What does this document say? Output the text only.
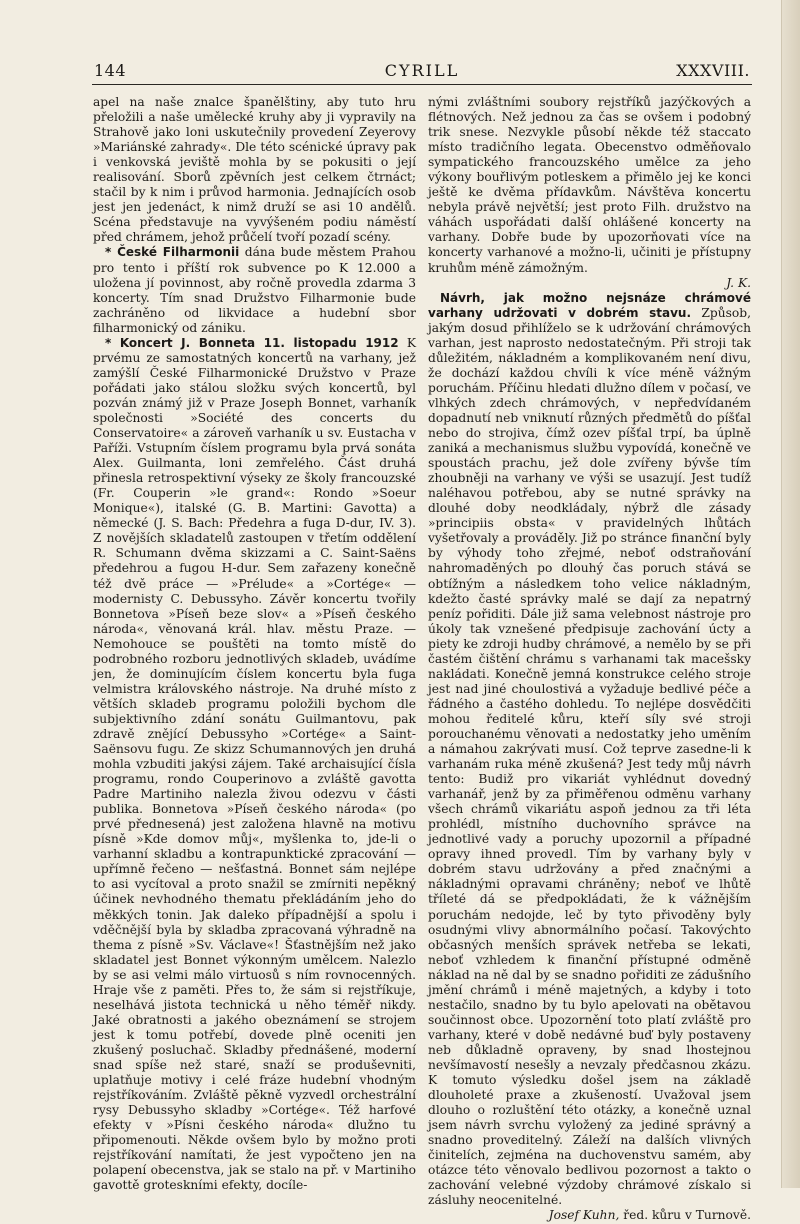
144	CYRILL	XXXVIII.

apel na naše znalce španělštiny, aby tuto hru přeložili a naše umělecké kruhy aby ji vypravily na Strahově jako loni uskutečnily provedení Zeyerovy »Mariánské zahrady«. Dle této scénické úpravy pak i venkovská jeviště mohla by se pokusiti o její realisování. Sborů zpěvních jest celkem čtrnáct; stačil by k nim i průvod harmonia. Jednajících osob jest jen jedenáct, k nimž druží se asi 10 andělů. Scéna představuje na vyvýšeném podiu náměstí před chrámem, jehož průčelí tvoří pozadí scény.

* České Filharmonii dána bude městem Prahou pro tento i příští rok subvence po K 12.000 a uložena jí povinnost, aby ročně provedla zdarma 3 koncerty. Tím snad Družstvo Filharmonie bude zachráněno od likvidace a hudební sbor filharmonický od zániku.

* Koncert J. Bonneta 11. listopadu 1912 K prvému ze samostatných koncertů na varhany, jež zamýšlí České Filharmonické Družstvo v Praze pořádati jako stálou složku svých koncertů, byl pozván známý již v Praze Joseph Bonnet, varhaník společnosti »Société des concerts du Conservatoire« a zároveň varhaník u sv. Eustacha v Paříži. Vstupním číslem programu byla prvá sonáta Alex. Guilmanta, loni zemřelého. Část druhá přinesla retrospektivní výseky ze školy francouzské (Fr. Couperin »le grand«: Rondo »Soeur Monique«), italské (G. B. Martini: Gavotta) a německé (J. S. Bach: Předehra a fuga D-dur, IV. 3). Z novějších skladatelů zastoupen v třetím oddělení R. Schumann dvěma skizzami a C. Saint-Saëns předehrou a fugou H-dur. Sem zařazeny konečně též dvě práce — »Prélude« a »Cortége« — modernisty C. Debussyho. Závěr koncertu tvořily Bonnetova »Píseň beze slov« a »Píseň českého národa«, věnovaná král. hlav. městu Praze. — Nemohouce se pouštěti na tomto místě do podrobného rozboru jednotlivých skladeb, uvádíme jen, že dominujícím číslem koncertu byla fuga velmistra královského nástroje. Na druhé místo z větších skladeb programu položili bychom dle subjektivního zdání sonátu Guilmantovu, pak zdravě znějící Debussyho »Cortége« a Saint-Saënsovu fugu. Ze skizz Schumannových jen druhá mohla vzbuditi jakýsi zájem. Také archaisující čísla programu, rondo Couperinovo a zvláště gavotta Padre Martiniho nalezla živou odezvu v části publika. Bonnetova »Píseň českého národa« (po prvé přednesená) jest založena hlavně na motivu písně »Kde domov můj«, myšlenka to, jde-li o varhanní skladbu a kontrapunktické zpracování — upřímně řečeno — nešťastná. Bonnet sám nejlépe to asi vycítoval a proto snažil se zmírniti nepěkný účinek nevhodného thematu překládáním jeho do měkkých tonin. Jak daleko případnější a spolu i vděčnější byla by skladba zpracovaná výhradně na thema z písně »Sv. Václave«! Šťastnějším než jako skladatel jest Bonnet výkonným umělcem. Nalezlo by se asi velmi málo virtuosů s ním rovnocenných. Hraje vše z paměti. Přes to, že sám si rejstříkuje, neselhává jistota technická u něho téměř nikdy. Jaké obratnosti a jakého obeznámení se strojem jest k tomu potřebí, dovede plně oceniti jen zkušený posluchač. Skladby přednášené, moderní snad spíše než staré, snaží se produševniti, uplatňuje motivy i celé fráze hudební vhodným rejstříkováním. Zvláště pěkně vyzvedl orchestrální rysy Debussyho skladby »Cortége«. Též harfové efekty v »Písni českého národa« dlužno tu připomenouti. Někde ovšem bylo by možno proti rejstříkování namítati, že jest vypočteno jen na polapení obecenstva, jak se stalo na př. v Martiniho gavottě groteskními efekty, docíle-

nými zvláštními soubory rejstříků jazýčkových a flétnových. Než jednou za čas se ovšem i podobný trik snese. Nezvykle působí někde též staccato místo tradičního legata. Obecenstvo odměňovalo sympatického francouzského umělce za jeho výkony bouřlivým potleskem a přimělo jej ke konci ještě ke dvěma přídavkům. Návštěva koncertu nebyla právě největší; jest proto Filh. družstvo na váhách uspořádati další ohlášené koncerty na varhany. Dobře bude by upozorňovati více na koncerty varhanové a možno-li, učiniti je přístupny kruhům méně zámožným.

J. K.

Návrh, jak možno nejsnáze chrámové varhany udržovati v dobrém stavu. Způsob, jakým dosud přihlíželo se k udržování chrámových varhan, jest naprosto nedostatečným. Při stroji tak důležitém, nákladném a komplikovaném není divu, že dochází každou chvíli k více méně vážným poruchám. Příčinu hledati dlužno dílem v počasí, ve vlhkých zdech chrámových, v nepředvídaném dopadnutí neb vniknutí různých předmětů do píšťal nebo do strojiva, čímž ozev píšťal trpí, ba úplně zaniká a mechanismus službu vypovídá, konečně ve spoustách prachu, jež dole zvířeny bývše tím zhoubněji na varhany ve výši se usazují. Jest tudíž naléhavou potřebou, aby se nutné správky na dlouhé doby neodkládaly, nýbrž dle zásady »principiis obsta« v pravidelných lhůtách vyšetřovaly a prováděly. Již po stránce finanční byly by výhody toho zřejmé, neboť odstraňování nahromaděných po dlouhý čas poruch stává se obtížným a následkem toho velice nákladným, kdežto časté správky malé se dají za nepatrný peníz pořiditi. Dále již sama velebnost nástroje pro úkoly tak vznešené předpisuje zachování úcty a piety ke zdroji hudby chrámové, a nemělo by se při častém čištění chrámu s varhanami tak macešsky nakládati. Konečně jemná konstrukce celého stroje jest nad jiné choulostivá a vyžaduje bedlivé péče a řádného a častého dohledu. To nejlépe dosvědčiti mohou ředitelé kůru, kteří síly své stroji porouchanému věnovati a nedostatky jeho uměním a námahou zakrývati musí. Což teprve zasedne-li k varhanám ruka méně zkušená? Jest tedy můj návrh tento: Budiž pro vikariát vyhlédnut dovedný varhanář, jenž by za přiměřenou odměnu varhany všech chrámů vikariátu aspoň jednou za tři léta prohlédl, místního duchovního správce na jednotlivé vady a poruchy upozornil a případné opravy ihned provedl. Tím by varhany byly v dobrém stavu udržovány a před značnými a nákladnými opravami chráněny; neboť ve lhůtě tříleté dá se předpokládati, že k vážnějším poruchám nedojde, leč by tyto přivoděny byly osudnými vlivy abnormálního počasí. Takovýchto občasných menších správek netřeba se lekati, neboť vzhledem k finanční přístupné odměně náklad na ně dal by se snadno pořiditi ze zádušního jmění chrámů i méně majetných, a kdyby i toto nestačilo, snadno by tu bylo apelovati na obětavou součinnost obce. Upozornění toto platí zvláště pro varhany, které v době nedávné buď byly postaveny neb důkladně opraveny, by snad lhostejnou nevšímavostí nesešly a nevzaly předčasnou zkázu. K tomuto výsledku došel jsem na základě dlouholeté praxe a zkušeností. Uvažoval jsem dlouho o rozluštění této otázky, a konečně uznal jsem návrh svrchu vyložený za jediné správný a snadno proveditelný. Záleží na dalších vlivných činitelích, zejména na duchovenstvu samém, aby otázce této věnovalo bedlivou pozornost a takto o zachování velebné výzdoby chrámové získalo si zásluhy neocenitelné.

Josef Kuhn, řed. kůru v Turnově.
